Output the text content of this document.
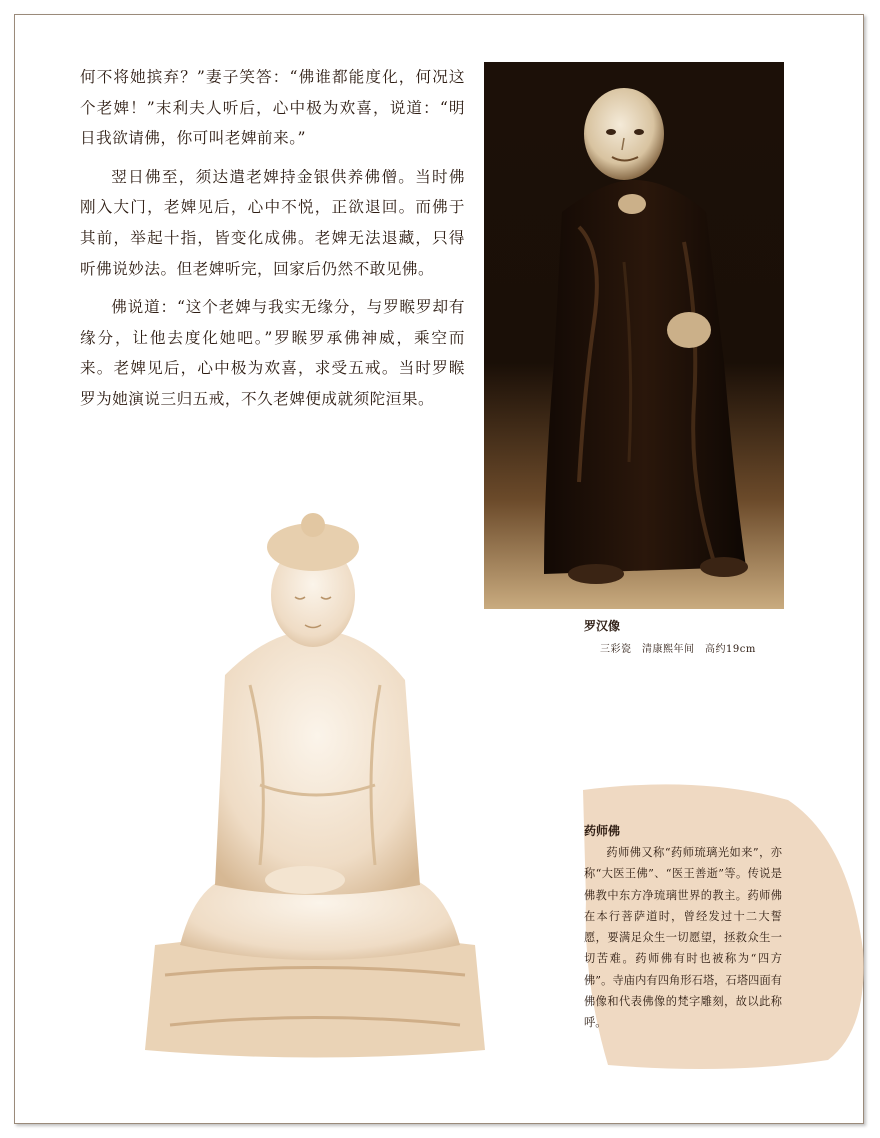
何不将她摈弃？”妻子笑答：“佛谁都能度化，何况这个老婢！”末利夫人听后，心中极为欢喜，说道：“明日我欲请佛，你可叫老婢前来。”

翌日佛至，须达遣老婢持金银供养佛僧。当时佛刚入大门，老婢见后，心中不悦，正欲退回。而佛于其前，举起十指，皆变化成佛。老婢无法退藏，只得听佛说妙法。但老婢听完，回家后仍然不敢见佛。

佛说道：“这个老婢与我实无缘分，与罗睺罗却有缘分，让他去度化她吧。”罗睺罗承佛神威，乘空而来。老婢见后，心中极为欢喜，求受五戒。当时罗睺罗为她演说三归五戒，不久老婢便成就须陀洹果。

罗汉像
三彩瓷　清康熙年间　高约19cm
药师佛

药师佛又称“药师琉璃光如来”，亦称“大医王佛”、“医王善逝”等。传说是佛教中东方净琉璃世界的教主。药师佛在本行菩萨道时，曾经发过十二大誓愿，要满足众生一切愿望，拯救众生一切苦难。药师佛有时也被称为“四方佛”。寺庙内有四角形石塔，石塔四面有佛像和代表佛像的梵字雕刻，故以此称呼。
